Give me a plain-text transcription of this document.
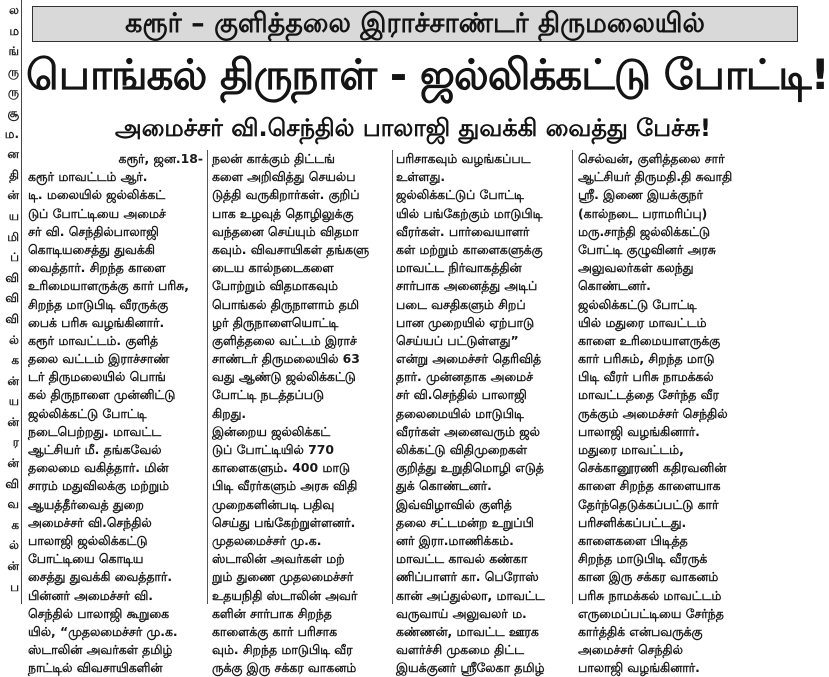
ல
ம
ங்
ரு
ரு
சூ
ம.
ன
தி
ன்
ய
மி
ப்
வி
வி
வி
ல்
க
ன்
ய
ன்
ர
ன்
வி
வ
க
ல்
ன்
ப
கரூர் – குளித்தலை இராச்சாண்டர் திருமலையில்
பொங்கல் திருநாள் - ஜல்லிக்கட்டு போட்டி!
அமைச்சர் வி.செந்தில் பாலாஜி துவக்கி வைத்து பேச்சு!
கரூர், ஜன.18-
கரூர் மாவட்டம் ஆர்.
டி. மலையில் ஜல்லிக்கட்
டுப் போட்டியை அமைச்
சர் வி. செந்தில்பாலாஜி
கொடியசைத்து துவக்கி
வைத்தார். சிறந்த காளை
உரிமையாளருக்கு கார் பரிசு,
சிறந்த மாடுபிடி வீரருக்கு
பைக் பரிசு வழங்கினார்.
கரூர் மாவட்டம். குளித்
தலை வட்டம் இராச்சாண்
டர் திருமலையில் பொங்
கல் திருநாளை முன்னிட்டு
ஜல்லிக்கட்டு போட்டி
நடைபெற்றது. மாவட்ட
ஆட்சியர் மீ. தங்கவேல்
தலைமை வகித்தார். மின்
சாரம் மதுவிலக்கு மற்றும்
ஆயத்தீர்வைத் துறை
அமைச்சர் வி.செந்தில்
பாலாஜி ஜல்லிக்கட்டு
போட்டியை கொடிய
சைத்து துவக்கி வைத்தார்.
பின்னர் அமைச்சர் வி.
செந்தில் பாலாஜி கூறுகை
யில், “முதலமைச்சர் மு.க.
ஸ்டாலின் அவர்கள் தமிழ்
நாட்டில் விவசாயிகளின்
நலன் காக்கும் திட்டங்
களை அறிவித்து செயல்ப
டுத்தி வருகிறார்கள். குறிப்
பாக உழவுத் தொழிலுக்கு
வந்தனை செய்யும் விதமா
கவும். விவசாயிகள் தங்களு
டைய கால்நடைகளை
போற்றும் விதமாகவும்
பொங்கல் திருநாளாம் தமி
ழர் திருநாளையொட்டி
குளித்தலை வட்டம் இராச்
சாண்டர் திருமலையில் 63
வது ஆண்டு ஜல்லிக்கட்டு
போட்டி நடத்தப்படு
கிறது.
இன்றைய ஜல்லிக்கட்
டுப் போட்டியில் 770
காளைகளும். 400 மாடு
பிடி வீரர்களும் அரசு விதி
முறைகளின்படி பதிவு
செய்து பங்கேற்றுள்ளனர்.
முதலமைச்சர் மு.க.
ஸ்டாலின் அவர்கள் மற்
றும் துணை முதலமைச்சர்
உதயநிதி ஸ்டாலின் அவர்
களின் சார்பாக சிறந்த
காளைக்கு கார் பரிசாக
வும். சிறந்த மாடுபிடி வீர
ருக்கு இரு சக்கர வாகனம்
பரிசாகவும் வழங்கப்பட
உள்ளது.
ஜல்லிக்கட்டுப் போட்டி
யில் பங்கேற்கும் மாடுபிடி
வீரர்கள். பார்வையாளர்
கள் மற்றும் காளைகளுக்கு
மாவட்ட நிர்வாகத்தின்
சார்பாக அனைத்து அடிப்
படை வசதிகளும் சிறப்
பான முறையில் ஏற்பாடு
செய்யப் பட்டுள்ளது”
என்று அமைச்சர் தெரிவித்
தார். முன்னதாக அமைச்
சர் வி.செந்தில் பாலாஜி
தலைமையில் மாடுபிடி
வீரர்கள் அனைவரும் ஜல்
லிக்கட்டு விதிமுறைகள்
குறித்து உறுதிமொழி எடுத்
துக் கொண்டனர்.
இவ்விழாவில் குளித்
தலை சட்டமன்ற உறுப்பி
னர் இரா.மாணிக்கம்.
மாவட்ட காவல் கண்கா
ணிப்பாளர் கா. பெரோஸ்
கான் அப்துல்லா, மாவட்ட
வருவாய் அலுவலர் ம.
கண்ணன், மாவட்ட ஊரக
வளர்ச்சி முகமை திட்ட
இயக்குனர் ஸ்ரீலேகா தமிழ்
செல்வன், குளித்தலை சார்
ஆட்சியர் திருமதி.தி சுவாதி
ஸ்ரீ. இணை இயக்குநர்
(கால்நடை பராமரிப்பு)
மரு.சாந்தி ஜல்லிக்கட்டு
போட்டி குழுவினர் அரசு
அலுவலர்கள் கலந்து
கொண்டனர்.
ஜல்லிக்கட்டு போட்டி
யில் மதுரை மாவட்டம்
காளை உரிமையாளருக்கு
கார் பரிசும், சிறந்த மாடு
பிடி வீரர் பரிசு நாமக்கல்
மாவட்டத்தை சேர்ந்த வீர
ருக்கும் அமைச்சர் செந்தில்
பாலாஜி வழங்கினார்.
மதுரை மாவட்டம்,
செக்கானூரணி கதிரவனின்
காளை சிறந்த காளையாக
தேர்ந்தெடுக்கப்பட்டு கார்
பரிசளிக்கப்பட்டது.
காளைகளை பிடித்த
சிறந்த மாடுபிடி வீரருக்
கான இரு சக்கர வாகனம்
பரிசு நாமக்கல் மாவட்டம்
எருமைப்பட்டியை சேர்ந்த
கார்த்திக் என்பவருக்கு
அமைச்சர் செந்தில்
பாலாஜி வழங்கினார்.
